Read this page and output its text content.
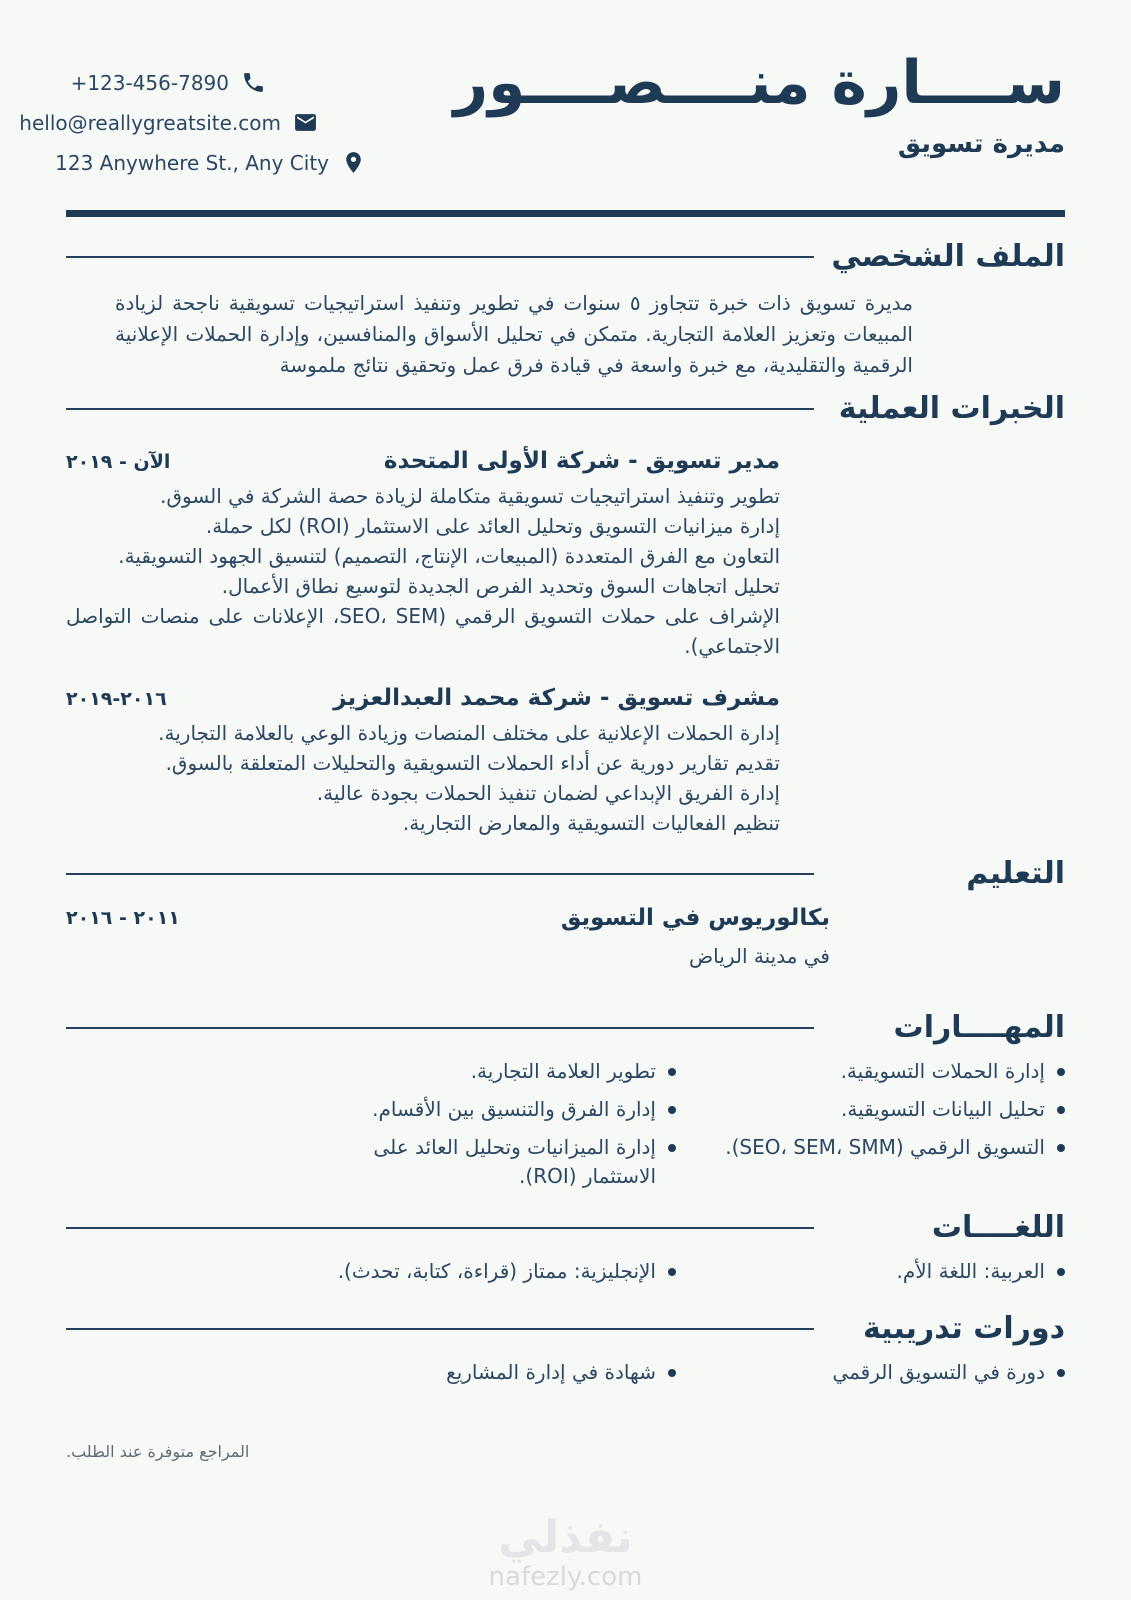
ســــارة منــــصــــور
مديرة تسويق
+123-456-7890
hello@reallygreatsite.com
123 Anywhere St., Any City
الملف الشخصي

مديرة تسويق ذات خبرة تتجاوز ٥ سنوات في تطوير وتنفيذ استراتيجيات تسويقية ناجحة لزيادة المبيعات وتعزيز العلامة التجارية. متمكن في تحليل الأسواق والمنافسين، وإدارة الحملات الإعلانية الرقمية والتقليدية، مع خبرة واسعة في قيادة فرق عمل وتحقيق نتائج ملموسة

الخبرات العملية
مدير تسويق - شركة الأولى المتحدة
الآن - ٢٠١٩
تطوير وتنفيذ استراتيجيات تسويقية متكاملة لزيادة حصة الشركة في السوق.
إدارة ميزانيات التسويق وتحليل العائد على الاستثمار (ROI) لكل حملة.
التعاون مع الفرق المتعددة (المبيعات، الإنتاج، التصميم) لتنسيق الجهود التسويقية.
تحليل اتجاهات السوق وتحديد الفرص الجديدة لتوسيع نطاق الأعمال.
الإشراف على حملات التسويق الرقمي (SEO، SEM، الإعلانات على منصات التواصل الاجتماعي).
مشرف تسويق - شركة محمد العبدالعزيز
٢٠١٦-٢٠١٩
إدارة الحملات الإعلانية على مختلف المنصات وزيادة الوعي بالعلامة التجارية.
تقديم تقارير دورية عن أداء الحملات التسويقية والتحليلات المتعلقة بالسوق.
إدارة الفريق الإبداعي لضمان تنفيذ الحملات بجودة عالية.
تنظيم الفعاليات التسويقية والمعارض التجارية.
التعليم
بكالوريوس في التسويق
في مدينة الرياض
٢٠١١ - ٢٠١٦
المهــــارات
إدارة الحملات التسويقية.
تطوير العلامة التجارية.
تحليل البيانات التسويقية.
إدارة الفرق والتنسيق بين الأقسام.
التسويق الرقمي (SEO، SEM، SMM).
إدارة الميزانيات وتحليل العائد على الاستثمار (ROI).
اللغــــات
العربية: اللغة الأم.
الإنجليزية: ممتاز (قراءة، كتابة، تحدث).
دورات تدريبية
دورة في التسويق الرقمي
شهادة في إدارة المشاريع
المراجع متوفرة عند الطلب.
نفذلي
nafezly.com
